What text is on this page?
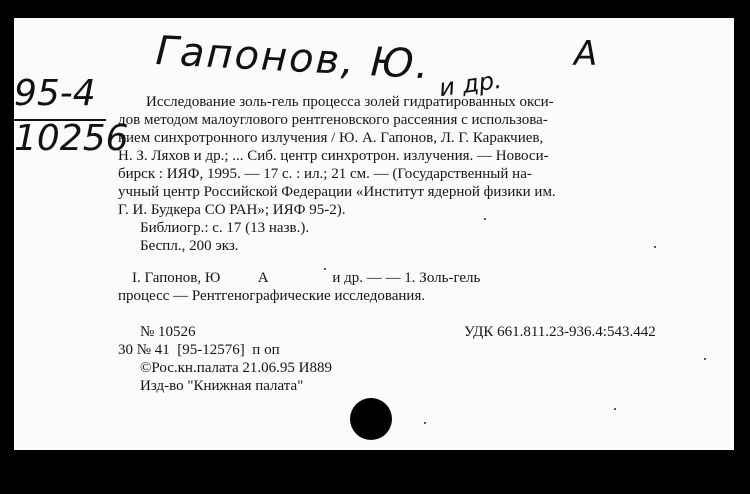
Гапонов, Ю.	А
и др.
95-4
10256
Исследование золь-гель процесса золей гидратированных окси-
дов методом малоуглового рентгеновского рассеяния с использова-
нием синхротронного излучения / Ю. А. Гапонов, Л. Г. Каракчиев,
Н. З. Ляхов и др.; ... Сиб. центр синхротрон. излучения. — Новоси-
бирск : ИЯФ, 1995. — 17 с. : ил.; 21 см. — (Государственный на-
учный центр Российской Федерации «Институт ядерной физики им.
Г. И. Будкера СО РАН»; ИЯФ 95-2).
Библиогр.: с. 17 (13 назв.).
Беспл., 200 экз.
I. Гапонов, Ю          А                 и др. — — 1. Золь-гель
процесс — Рентгенографические исследования.
№ 10526	УДК 661.811.23-936.4:543.442
30 № 41  [95-12576]  п оп
©Рос.кн.палата 21.06.95 И889
Изд-во "Книжная палата"
